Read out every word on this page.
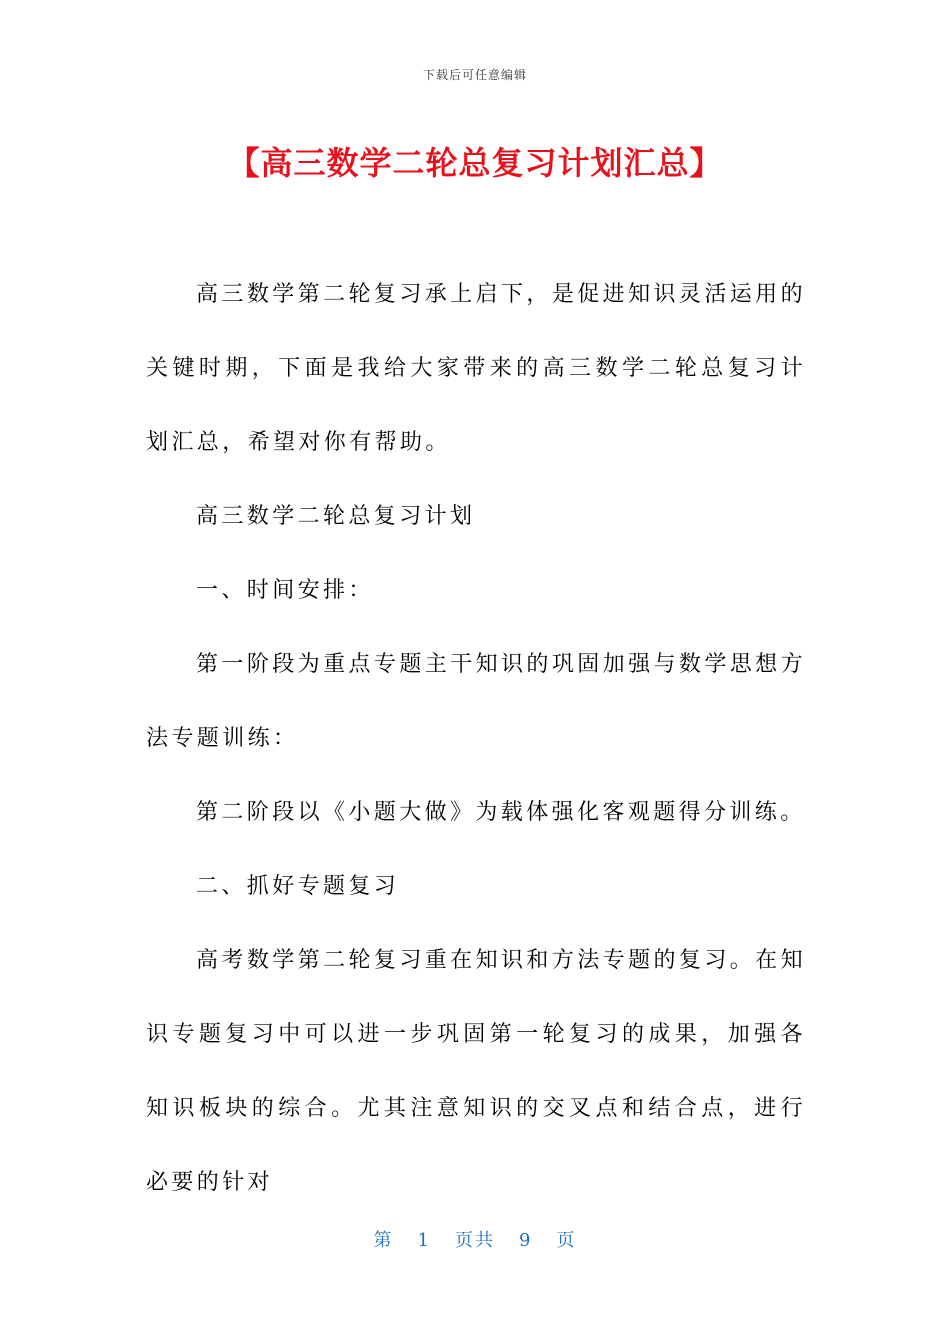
下载后可任意编辑
【高三数学二轮总复习计划汇总】

高三数学第二轮复习承上启下，是促进知识灵活运用的关键时期，下面是我给大家带来的高三数学二轮总复习计划汇总，希望对你有帮助。

高三数学二轮总复习计划

一、时间安排：

第一阶段为重点专题主干知识的巩固加强与数学思想方法专题训练：

第二阶段以《小题大做》为载体强化客观题得分训练。

二、抓好专题复习

高考数学第二轮复习重在知识和方法专题的复习。在知识专题复习中可以进一步巩固第一轮复习的成果，加强各知识板块的综合。尤其注意知识的交叉点和结合点，进行必要的针对

第 1 页共 9 页
